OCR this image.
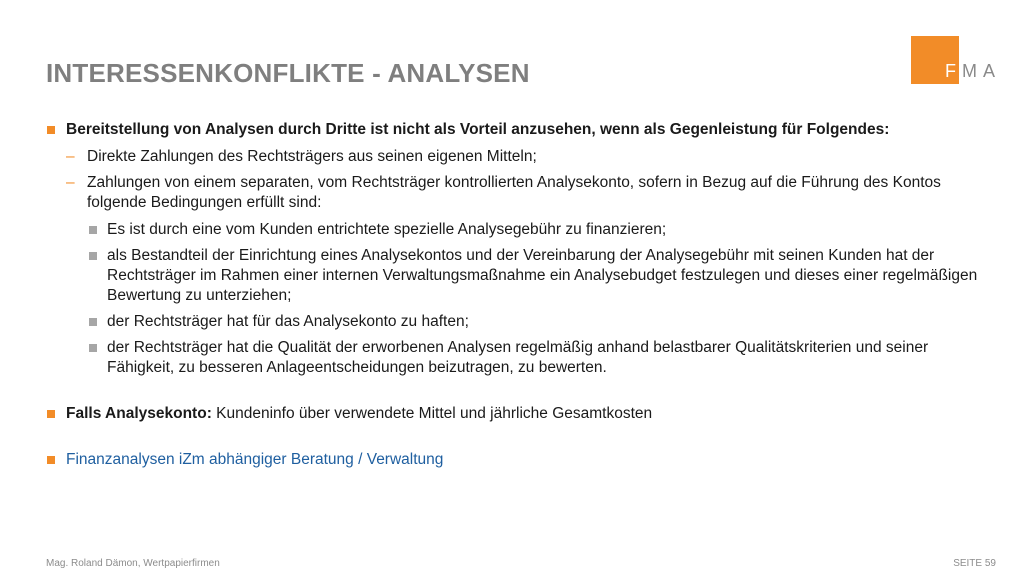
FMA
INTERESSENKONFLIKTE - ANALYSEN
Bereitstellung von Analysen durch Dritte ist nicht als Vorteil anzusehen, wenn als Gegenleistung für Folgendes:
– Direkte Zahlungen des Rechtsträgers aus seinen eigenen Mitteln;
– Zahlungen von einem separaten, vom Rechtsträger kontrollierten Analysekonto, sofern in Bezug auf die Führung des Kontos folgende Bedingungen erfüllt sind:
Es ist durch eine vom Kunden entrichtete spezielle Analysegebühr zu finanzieren;
als Bestandteil der Einrichtung eines Analysekontos und der Vereinbarung der Analysegebühr mit seinen Kunden hat der Rechtsträger im Rahmen einer internen Verwaltungsmaßnahme ein Analysebudget festzulegen und dieses einer regelmäßigen Bewertung zu unterziehen;
der Rechtsträger hat für das Analysekonto zu haften;
der Rechtsträger hat die Qualität der erworbenen Analysen regelmäßig anhand belastbarer Qualitätskriterien und seiner Fähigkeit, zu besseren Anlageentscheidungen beizutragen, zu bewerten.
Falls Analysekonto: Kundeninfo über verwendete Mittel und jährliche Gesamtkosten
Finanzanalysen iZm abhängiger Beratung / Verwaltung
Mag. Roland Dämon, Wertpapierfirmen	SEITE 59
